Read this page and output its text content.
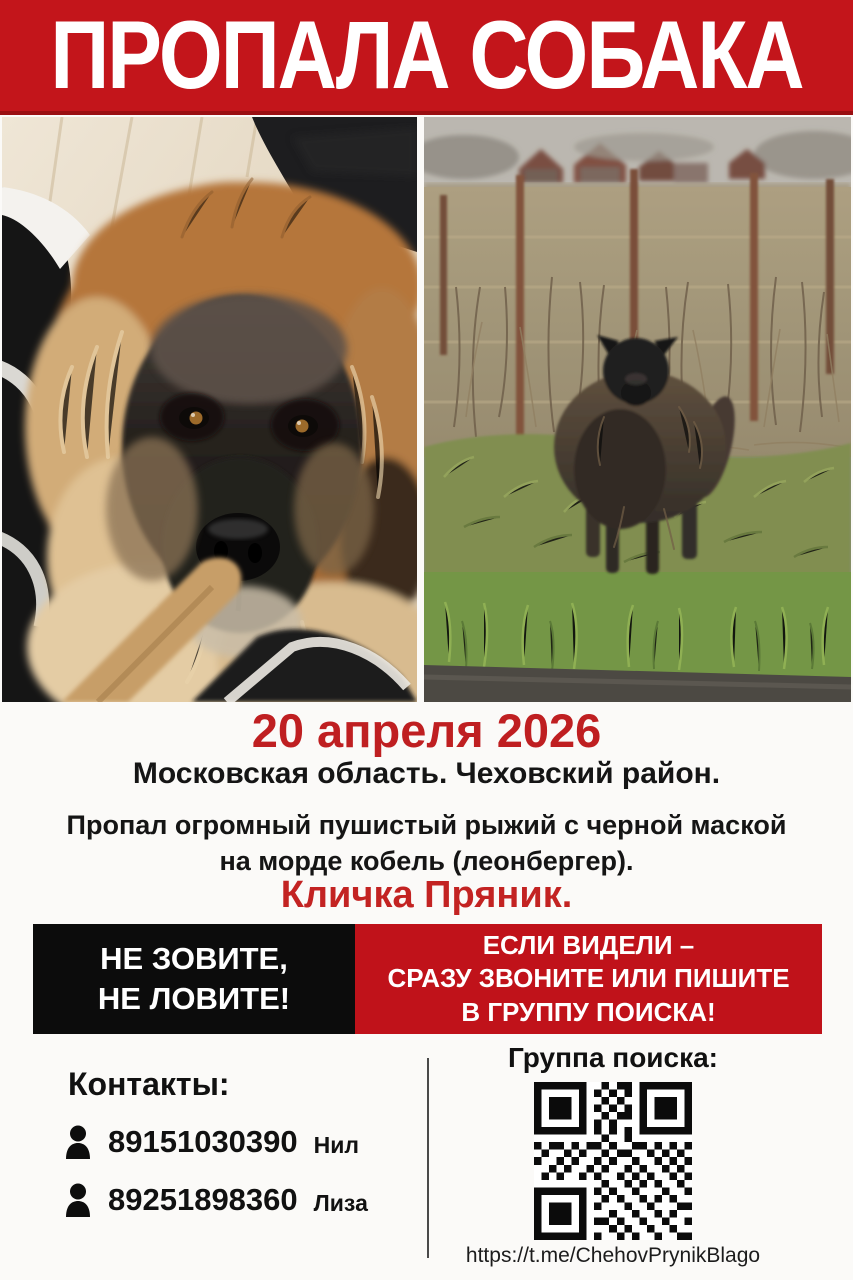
ПРОПАЛА СОБАКА
20 апреля 2026
Московская область. Чеховский район.
Пропал огромный пушистый рыжий с черной маской
на морде кобель (леонбергер).
Кличка Пряник.
НЕ ЗОВИТЕ,
НЕ ЛОВИТЕ!
ЕСЛИ ВИДЕЛИ –
СРАЗУ ЗВОНИТЕ ИЛИ ПИШИТЕ
В ГРУППУ ПОИСКА!
Контакты:
89151030390 Нил
89251898360 Лиза
Группа поиска:
https://t.me/ChehovPrynikBlago
